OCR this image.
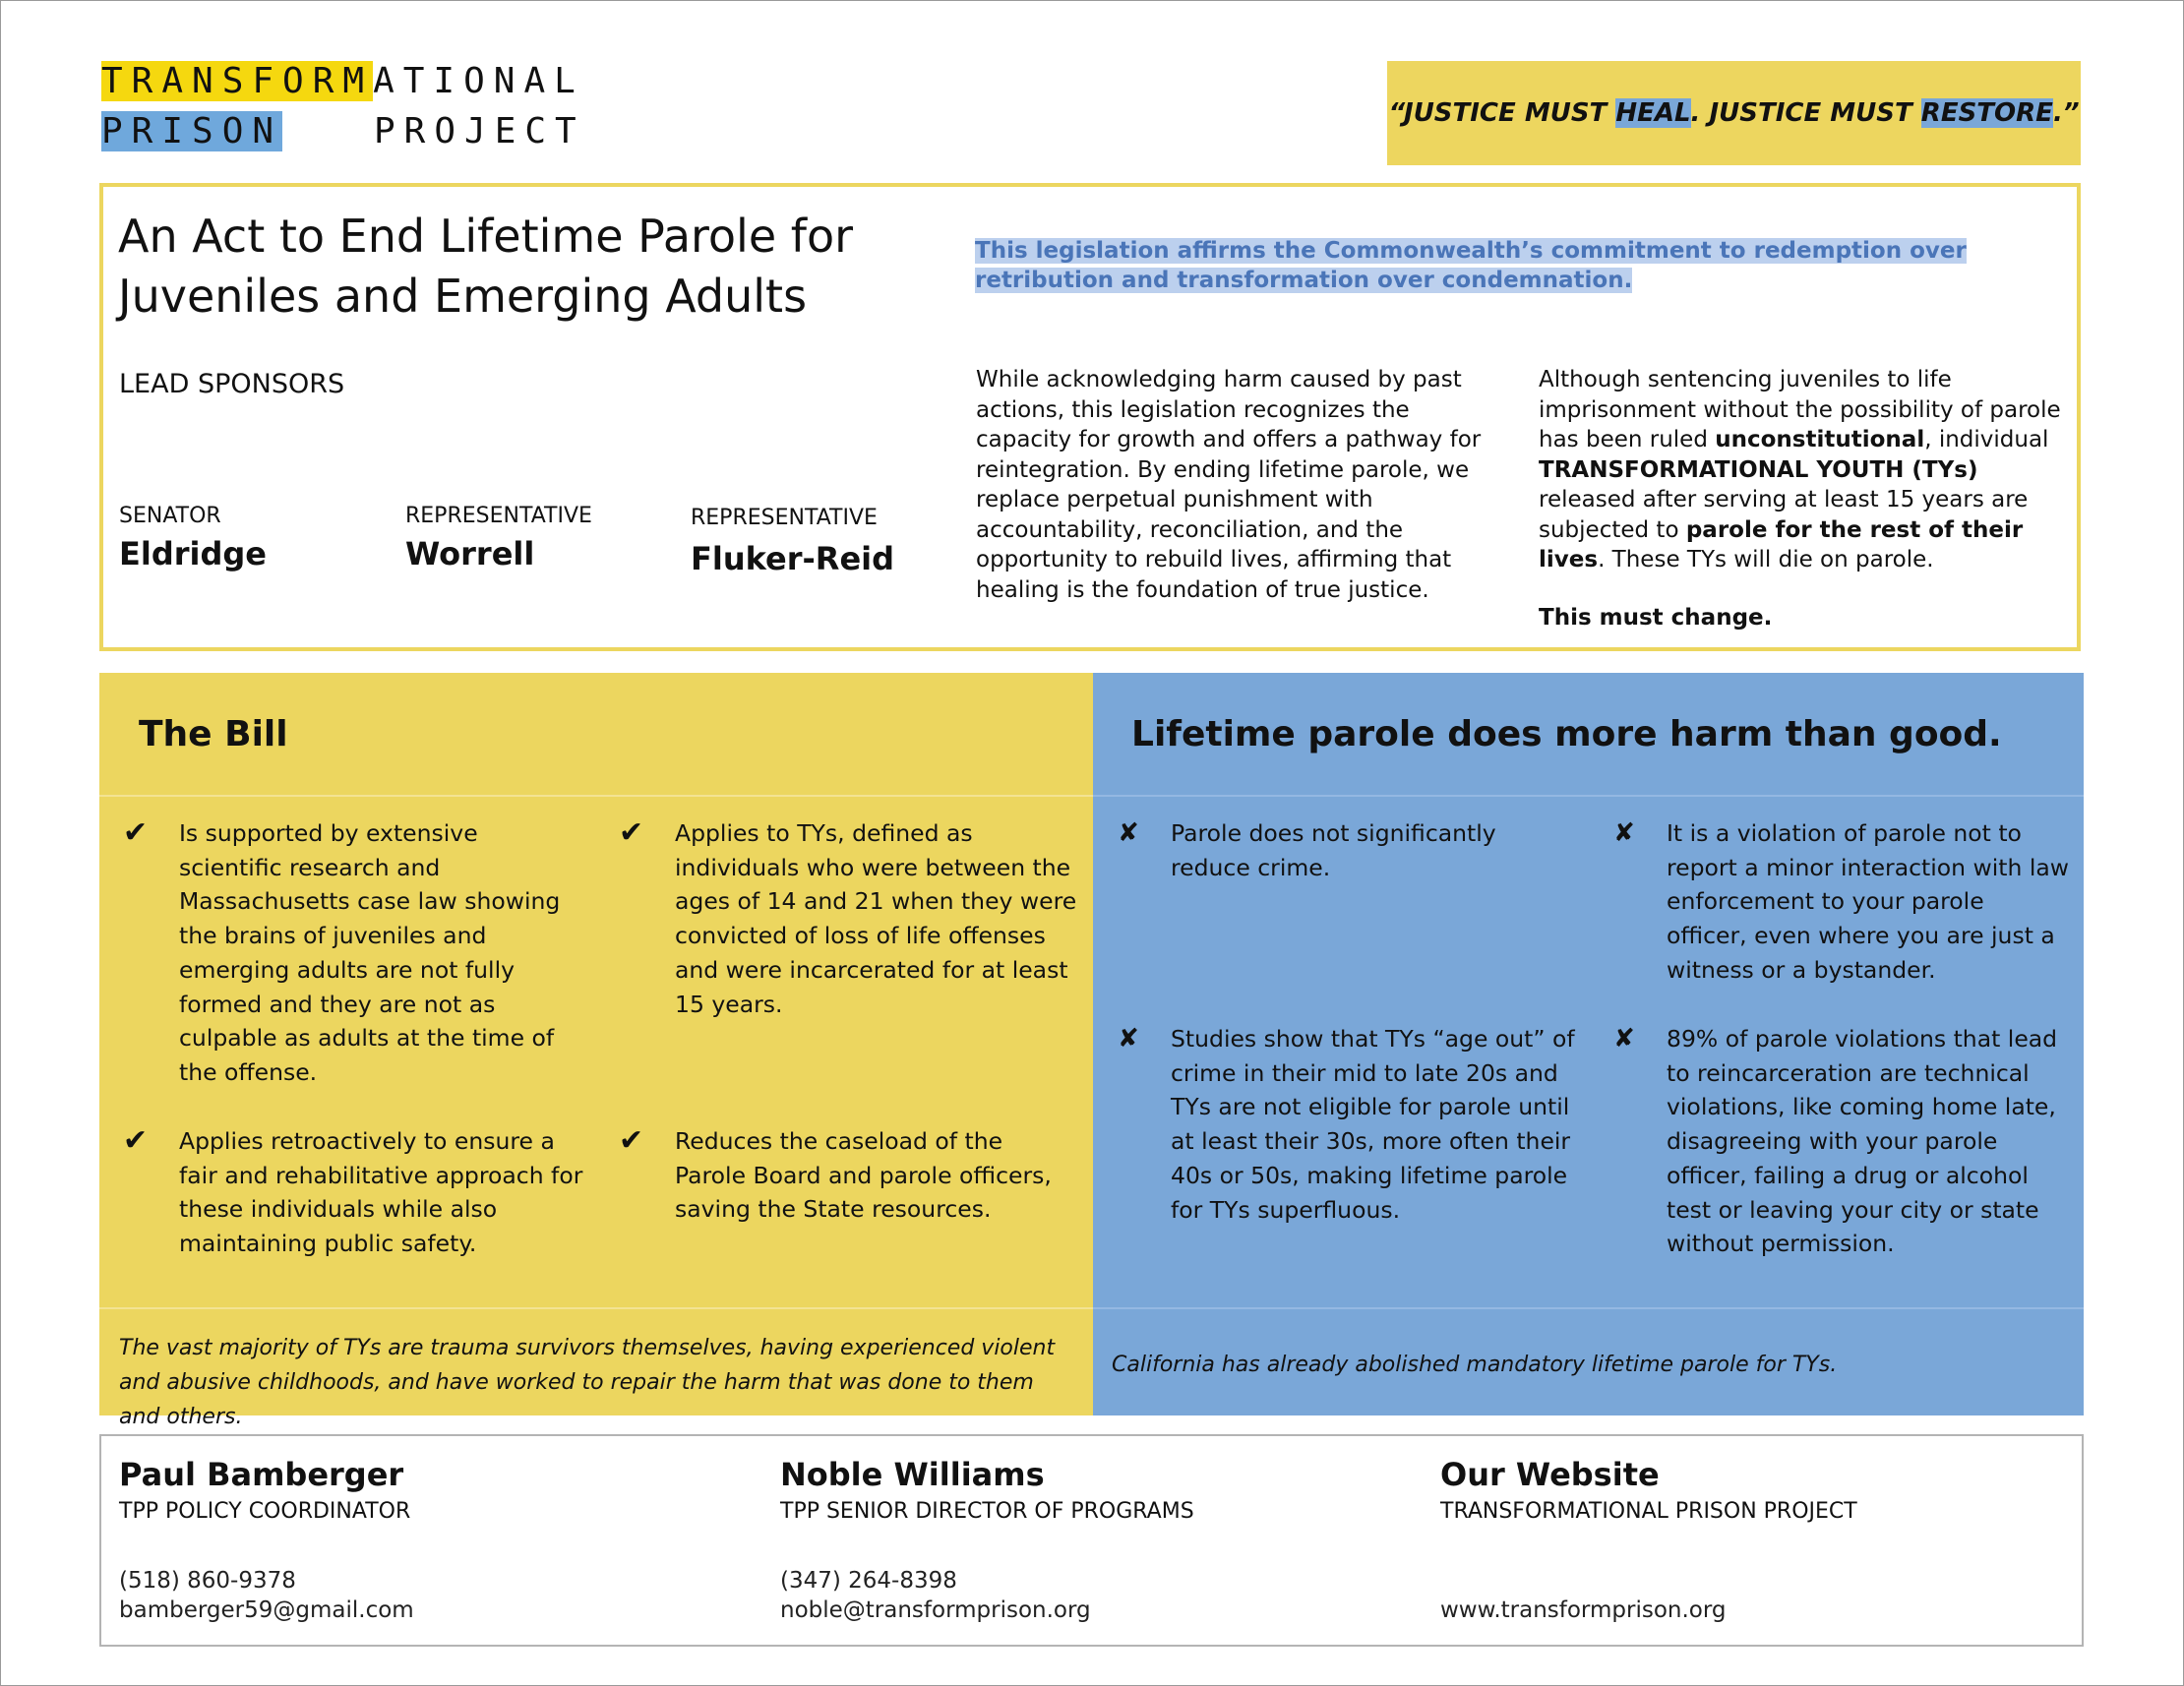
TRANSFORMATIONAL
PRISON	PROJECT	“JUSTICE MUST HEAL. JUSTICE MUST RESTORE.”
An Act to End Lifetime Parole for
Juveniles and Emerging Adults
LEAD SPONSORS
SENATOR
Eldridge
REPRESENTATIVE
Worrell
REPRESENTATIVE
Fluker-Reid
This legislation affirms the Commonwealth’s commitment to redemption over retribution and transformation over condemnation.
While acknowledging harm caused by past actions, this legislation recognizes the capacity for growth and offers a pathway for reintegration. By ending lifetime parole, we replace perpetual punishment with accountability, reconciliation, and the opportunity to rebuild lives, affirming that healing is the foundation of true justice.
Although sentencing juveniles to life imprisonment without the possibility of parole has been ruled unconstitutional, individual TRANSFORMATIONAL YOUTH (TYs) released after serving at least 15 years are subjected to parole for the rest of their lives. These TYs will die on parole.
This must change.
The Bill
✔ Is supported by extensive scientific research and Massachusetts case law showing the brains of juveniles and emerging adults are not fully formed and they are not as culpable as adults at the time of the offense.
✔ Applies to TYs, defined as individuals who were between the ages of 14 and 21 when they were convicted of loss of life offenses and were incarcerated for at least 15 years.
✔ Applies retroactively to ensure a fair and rehabilitative approach for these individuals while also maintaining public safety.
✔ Reduces the caseload of the Parole Board and parole officers, saving the State resources.
The vast majority of TYs are trauma survivors themselves, having experienced violent and abusive childhoods, and have worked to repair the harm that was done to them and others.
Lifetime parole does more harm than good.
✘ Parole does not significantly reduce crime.
✘ It is a violation of parole not to report a minor interaction with law enforcement to your parole officer, even where you are just a witness or a bystander.
✘ Studies show that TYs “age out” of crime in their mid to late 20s and TYs are not eligible for parole until at least their 30s, more often their 40s or 50s, making lifetime parole for TYs superfluous.
✘ 89% of parole violations that lead to reincarceration are technical violations, like coming home late, disagreeing with your parole officer, failing a drug or alcohol test or leaving your city or state without permission.
California has already abolished mandatory lifetime parole for TYs.
Paul Bamberger
TPP POLICY COORDINATOR
(518) 860-9378
bamberger59@gmail.com
Noble Williams
TPP SENIOR DIRECTOR OF PROGRAMS
(347) 264-8398
noble@transformprison.org
Our Website
TRANSFORMATIONAL PRISON PROJECT
www.transformprison.org
